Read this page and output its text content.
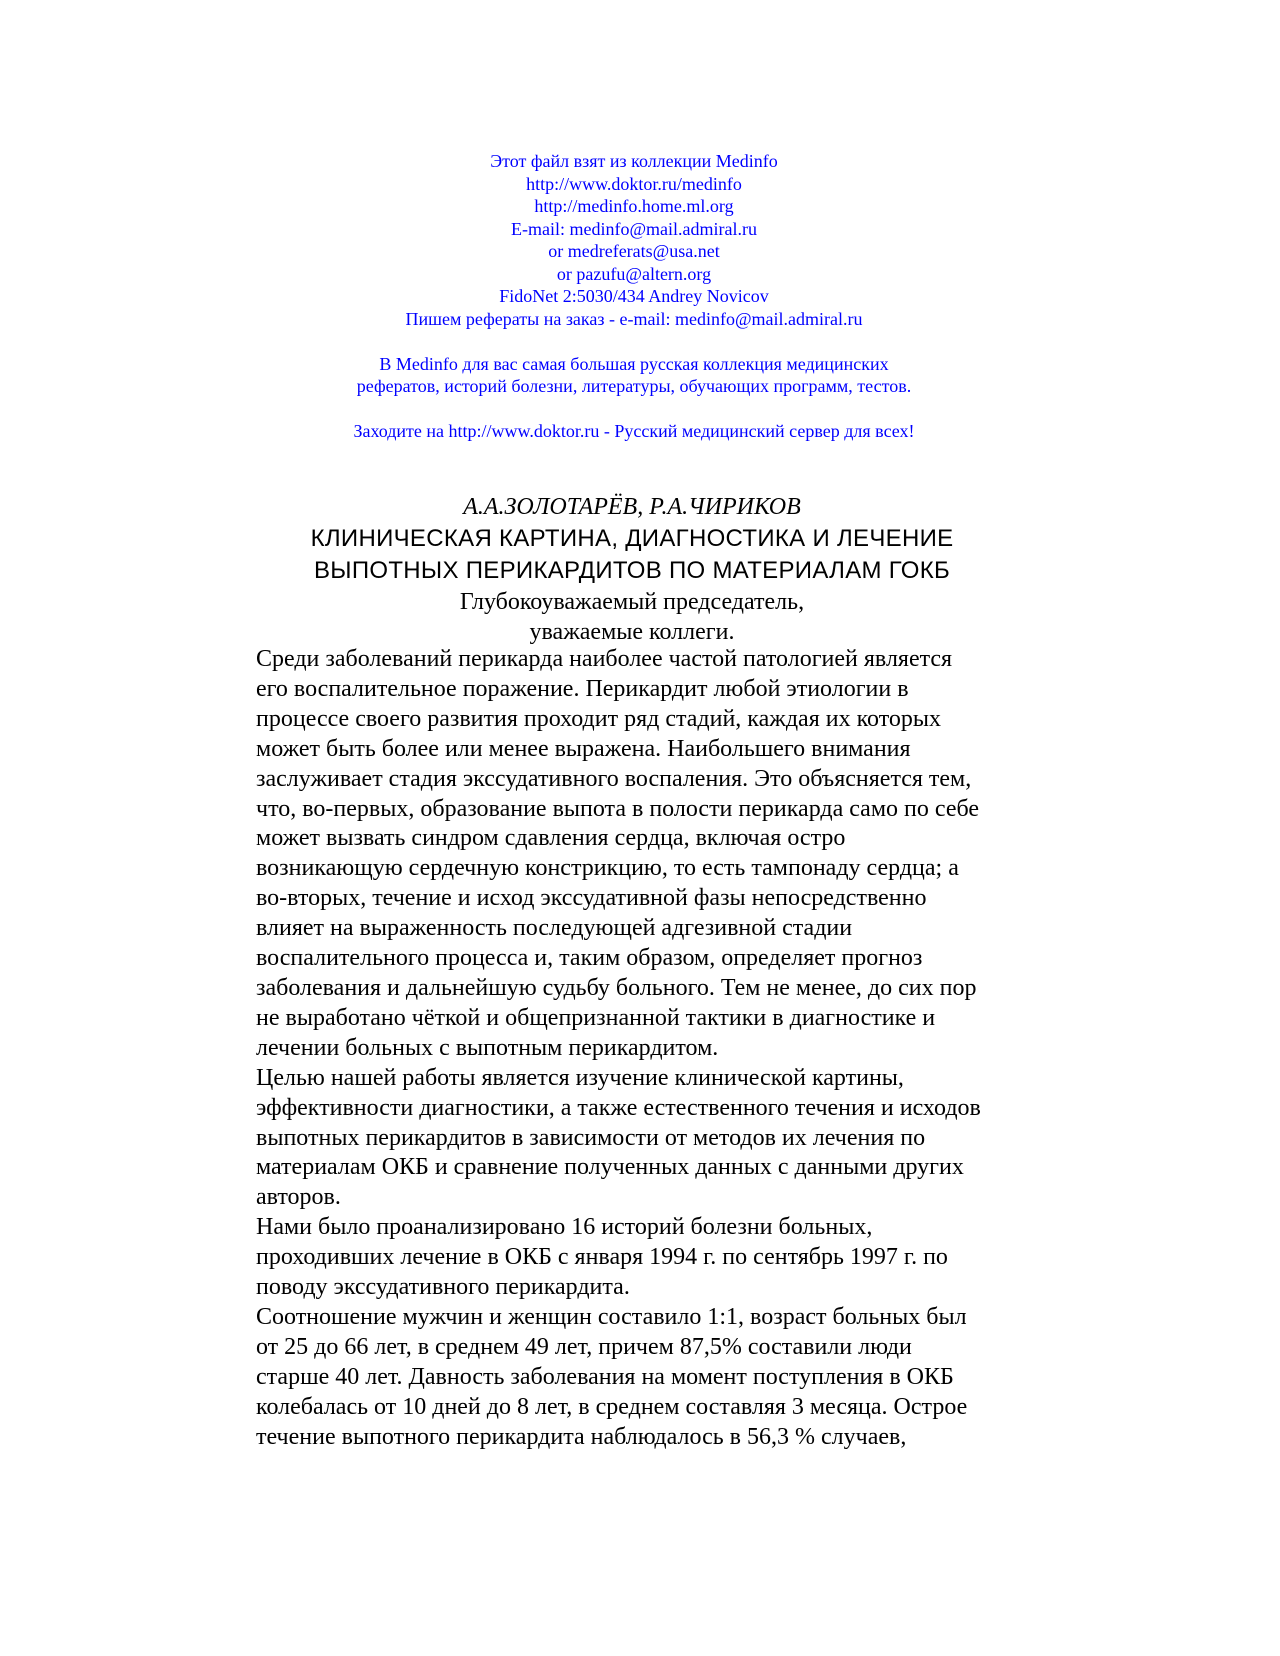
Этот файл взят из коллекции Medinfo
http://www.doktor.ru/medinfo
http://medinfo.home.ml.org
E-mail: medinfo@mail.admiral.ru
or medreferats@usa.net
or pazufu@altern.org
FidoNet 2:5030/434 Andrey Novicov
Пишем рефераты на заказ - e-mail: medinfo@mail.admiral.ru
В Medinfo для вас самая большая русская коллекция медицинских
рефератов, историй болезни, литературы, обучающих программ, тестов.
Заходите на http://www.doktor.ru - Русский медицинский сервер для всех!
А.А.ЗОЛОТАРЁВ, Р.А.ЧИРИКОВ
КЛИНИЧЕСКАЯ КАРТИНА, ДИАГНОСТИКА И ЛЕЧЕНИЕ
ВЫПОТНЫХ ПЕРИКАРДИТОВ ПО МАТЕРИАЛАМ ГОКБ
Глубокоуважаемый председатель,
уважаемые коллеги.
Среди заболеваний перикарда наиболее частой патологией является
его воспалительное поражение. Перикардит любой этиологии в
процессе своего развития проходит ряд стадий, каждая их которых
может быть более или менее выражена. Наибольшего внимания
заслуживает стадия экссудативного воспаления. Это объясняется тем,
что, во-первых, образование выпота в полости перикарда само по себе
может вызвать синдром сдавления сердца, включая остро
возникающую сердечную констрикцию, то есть тампонаду сердца; а
во-вторых, течение и исход экссудативной фазы непосредственно
влияет на выраженность последующей адгезивной стадии
воспалительного процесса и, таким образом, определяет прогноз
заболевания и дальнейшую судьбу больного. Тем не менее, до сих пор
не выработано чёткой и общепризнанной тактики в диагностике и
лечении больных с выпотным перикардитом.
Целью нашей работы является изучение клинической картины,
эффективности диагностики, а также естественного течения и исходов
выпотных перикардитов в зависимости от методов их лечения по
материалам ОКБ и сравнение полученных данных с данными других
авторов.
Нами было проанализировано 16 историй болезни больных,
проходивших лечение в ОКБ с января 1994 г. по сентябрь 1997 г. по
поводу экссудативного перикардита.
Соотношение мужчин и женщин составило 1:1, возраст больных был
от 25 до 66 лет, в среднем 49 лет, причем 87,5% составили люди
старше 40 лет. Давность заболевания на момент поступления в ОКБ
колебалась от 10 дней до 8 лет, в среднем составляя 3 месяца. Острое
течение выпотного перикардита наблюдалось в 56,3 % случаев,
